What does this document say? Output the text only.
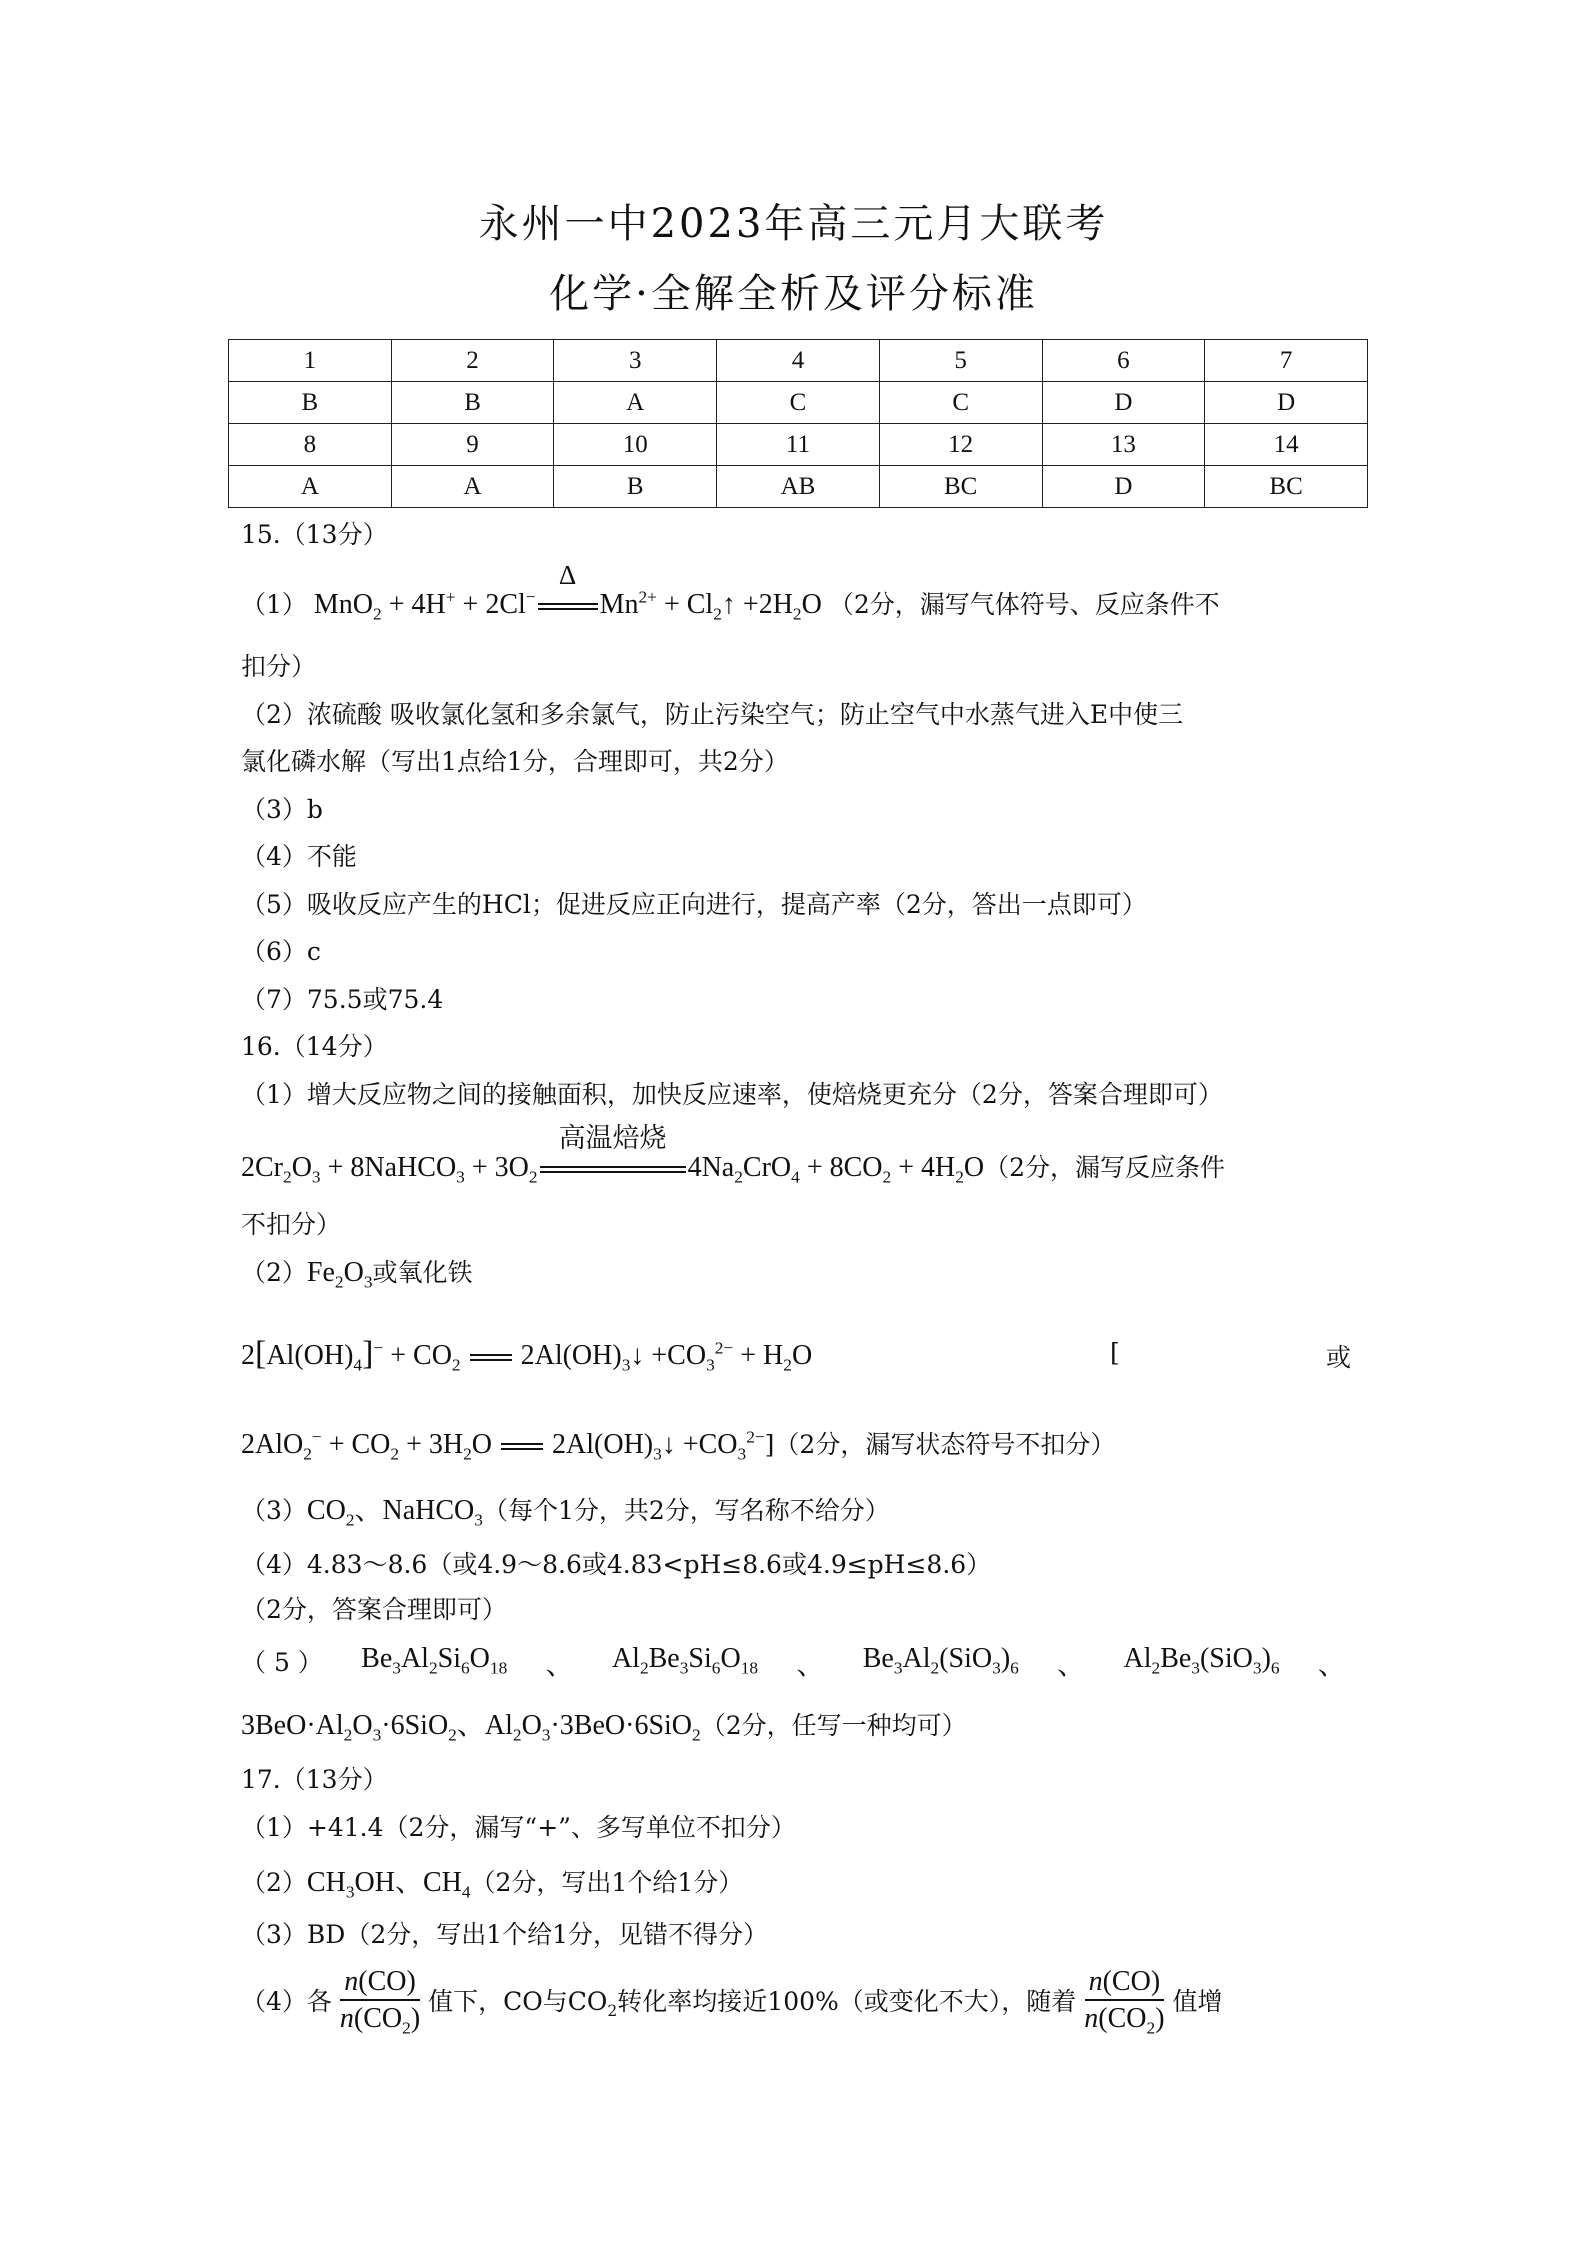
永州一中2023年高三元月大联考
化学·全解全析及评分标准
1	2	3	4	5	6	7
B	B	A	C	C	D	D
8	9	10	11	12	13	14
A	A	B	AB	BC	D	BC
15.（13分）
（1） MnO$_2$ + 4H+ + 2Cl−
Δ
$Mn^{2+}$ + $Cl_2↑ +2H_2O$ （2分，漏写气体符号、反应条件不
扣分）
（2）浓硫酸 吸收氯化氢和多余氯气，防止污染空气；防止空气中水蒸气进入E中使三
氯化磷水解（写出1点给1分，合理即可，共2分）
（3）b
（4）不能
（5）吸收反应产生的HCl；促进反应正向进行，提高产率（2分，答出一点即可）
（6）c
（7）75.5或75.4
16.（14分）
（1）增大反应物之间的接触面积，加快反应速率，使焙烧更充分（2分，答案合理即可）
$2Cr_2O_3$ + 8NaHCO$_3$ + $3O_2$
高温焙烧
$4Na_2CrO_4 + 8CO_2 + 4H_2O(2$分，漏写反应条件
不扣分）
$(2)Fe_2O_3$或氧化铁
$2[Al(OH)_4]^- + CO_2$  $2Al(OH)_3↓ +CO_3^{2-} + H_2O$	[	或
$2AlO_2^- + CO_2 + 3H_2O$  $2Al(OH)_3↓ +CO_3^{2-}](2$分，漏写状态符号不扣分）
$(3)CO_2$、NaHCO$_3$（每个1分，共2分，写名称不给分）
（4）4.83～8.6（或4.9～8.6或4.83<pH≤8.6或4.9≤pH≤8.6）
（2分，答案合理即可）
（ 5 ） $Be_3Al_2Si_6O_{18}$ 、 $Al_2Be_3Si_6O_{18}$ 、 $Be_3Al_2(SiO_3)_6$ 、 $Al_2Be_3(SiO_3)_6$ 、
$3BeO\cdot Al_2O_3\cdot 6SiO_2$、$Al_2O_3\cdot 3BeO\cdot 6SiO_2(2$分，任写一种均可）
17.（13分）
（1）+41.4（2分，漏写“+”、多写单位不扣分）
$(2)CH_3OH$、$CH_4(2$分，写出1个给1分）
（3）BD（2分，写出1个给1分，见错不得分）
（4）各 $\frac{n(CO)}{n(CO_2)}$ 值下，CO与$CO_2$转化率均接近100%（或变化不大），随着 $\frac{n(CO)}{n(CO_2)}$ 值增
